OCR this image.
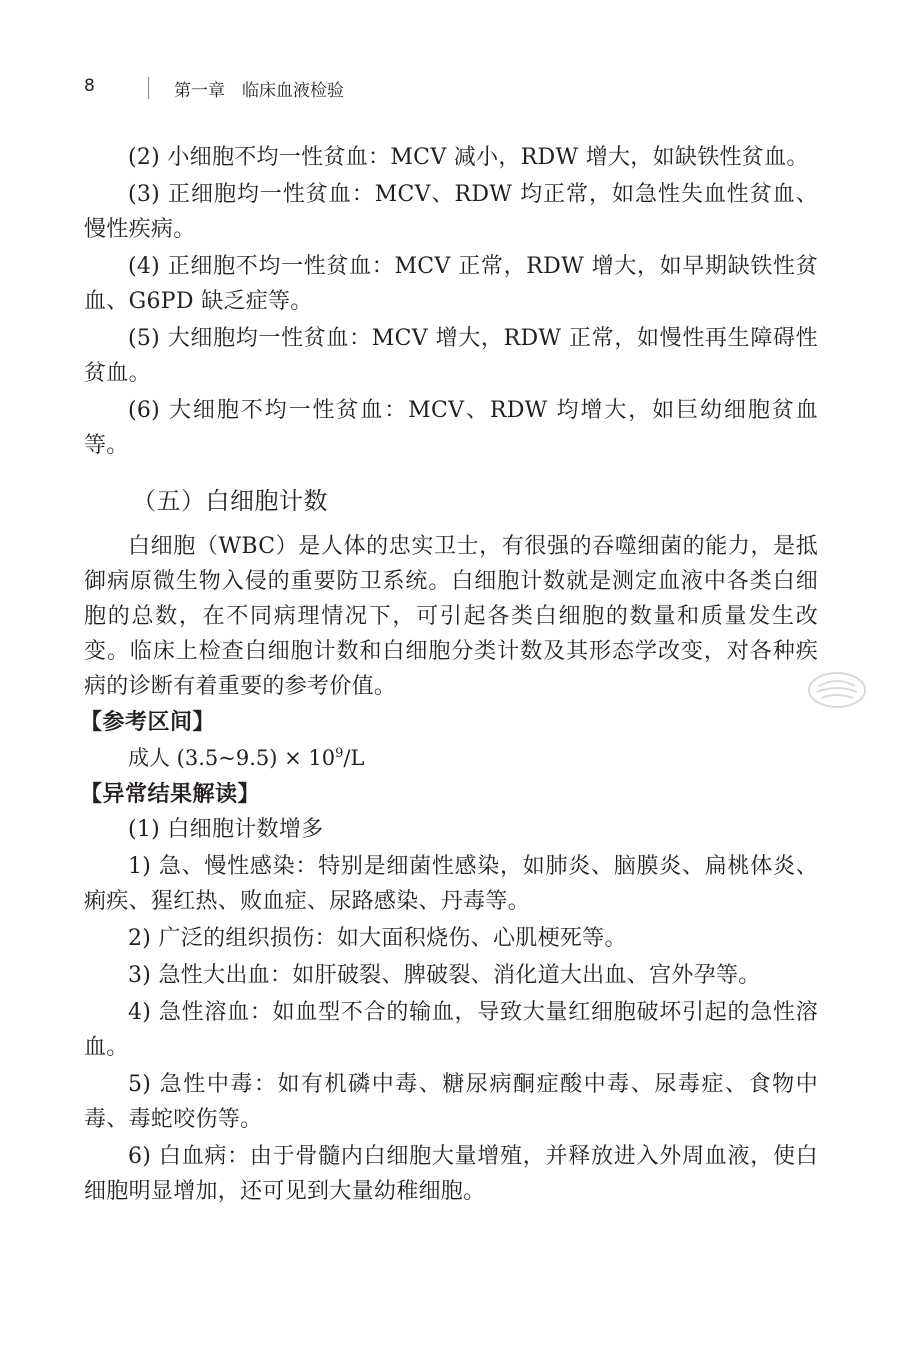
8	第一章　临床血液检验

(2) 小细胞不均一性贫血：MCV 减小，RDW 增大，如缺铁性贫血。

(3) 正细胞均一性贫血：MCV、RDW 均正常，如急性失血性贫血、慢性疾病。

(4) 正细胞不均一性贫血：MCV 正常，RDW 增大，如早期缺铁性贫血、G6PD 缺乏症等。

(5) 大细胞均一性贫血：MCV 增大，RDW 正常，如慢性再生障碍性贫血。

(6) 大细胞不均一性贫血：MCV、RDW 均增大，如巨幼细胞贫血等。

（五）白细胞计数

白细胞（WBC）是人体的忠实卫士，有很强的吞噬细菌的能力，是抵御病原微生物入侵的重要防卫系统。白细胞计数就是测定血液中各类白细胞的总数，在不同病理情况下，可引起各类白细胞的数量和质量发生改变。临床上检查白细胞计数和白细胞分类计数及其形态学改变，对各种疾病的诊断有着重要的参考价值。

【参考区间】

成人 (3.5~9.5) × $10^9/L$

【异常结果解读】

(1) 白细胞计数增多

1) 急、慢性感染：特别是细菌性感染，如肺炎、脑膜炎、扁桃体炎、痢疾、猩红热、败血症、尿路感染、丹毒等。

2) 广泛的组织损伤：如大面积烧伤、心肌梗死等。

3) 急性大出血：如肝破裂、脾破裂、消化道大出血、宫外孕等。

4) 急性溶血：如血型不合的输血，导致大量红细胞破坏引起的急性溶血。

5) 急性中毒：如有机磷中毒、糖尿病酮症酸中毒、尿毒症、食物中毒、毒蛇咬伤等。

6) 白血病：由于骨髓内白细胞大量增殖，并释放进入外周血液，使白细胞明显增加，还可见到大量幼稚细胞。
